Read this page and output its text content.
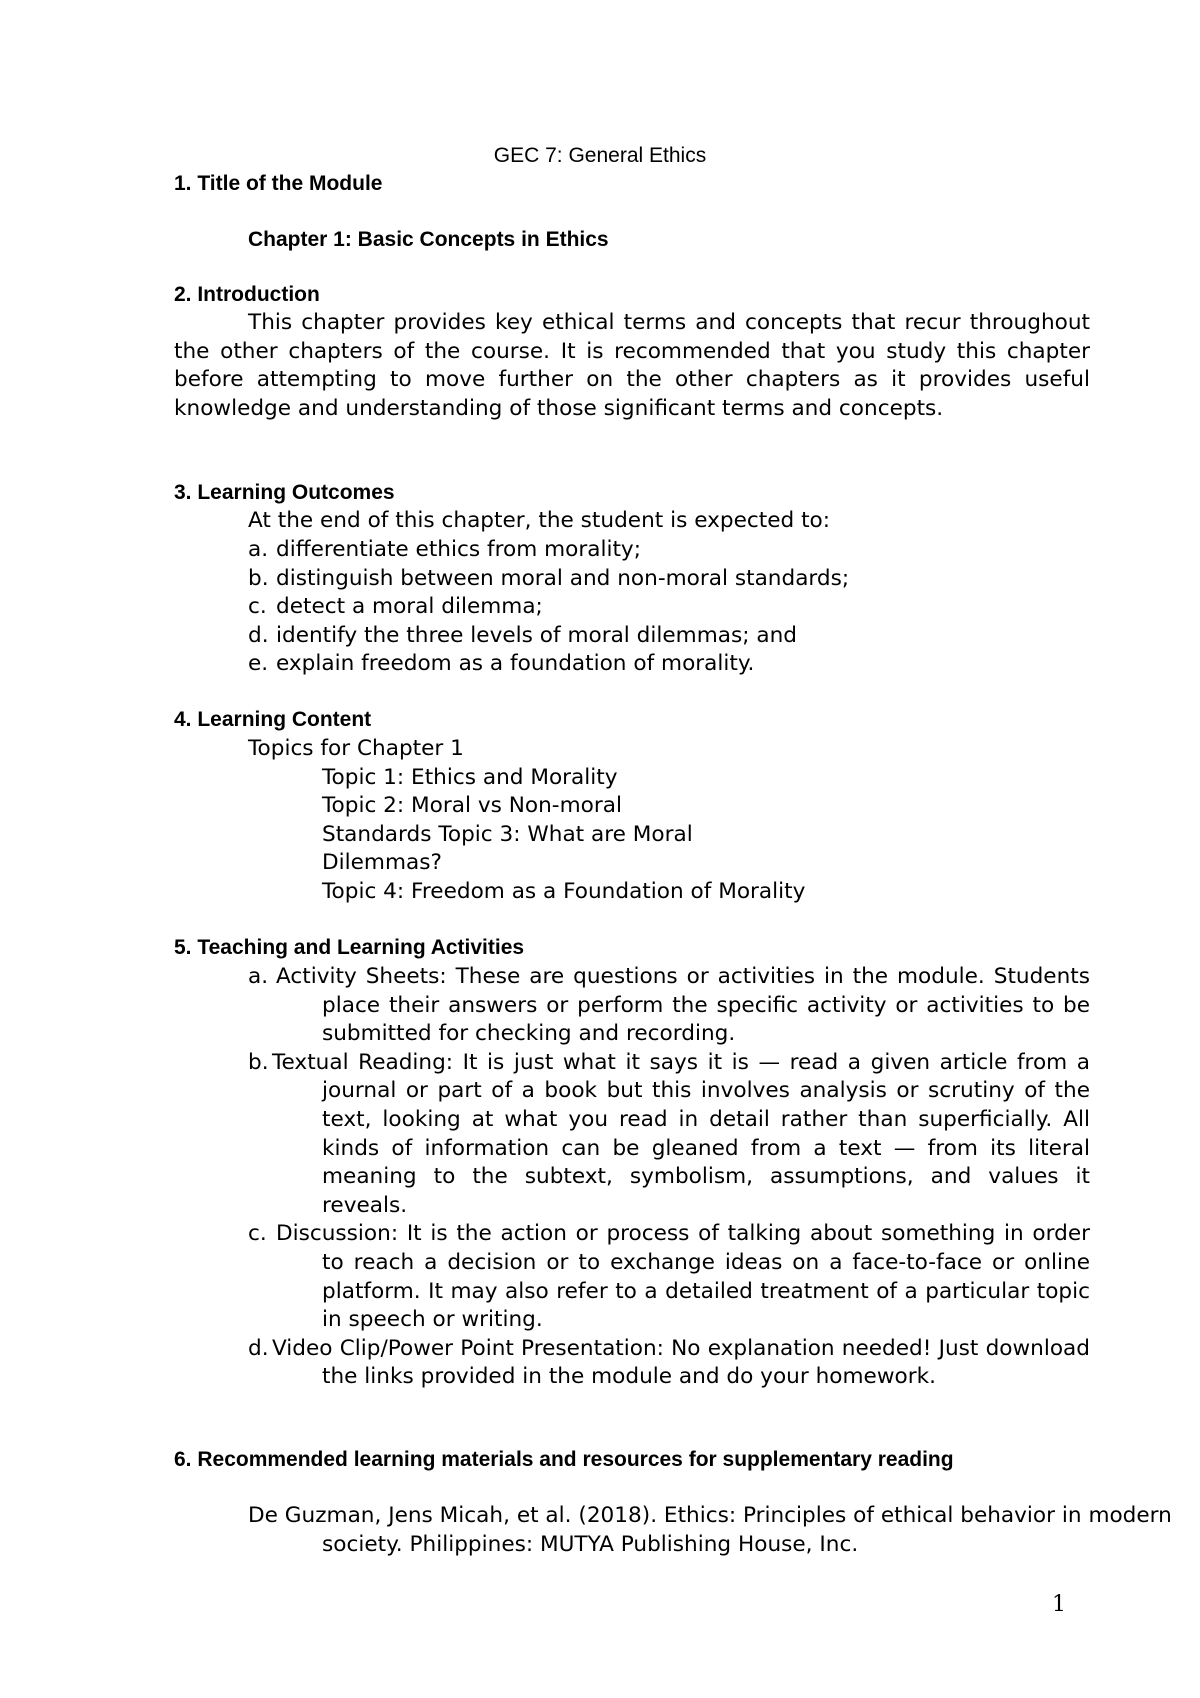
GEC 7: General Ethics
1. Title of the Module
Chapter 1: Basic Concepts in Ethics
2. Introduction
This chapter provides key ethical terms and concepts that recur throughout the other chapters of the course. It is recommended that you study this chapter before attempting to move further on the other chapters as it provides useful knowledge and understanding of those significant terms and concepts.
3. Learning Outcomes
At the end of this chapter, the student is expected to:
a. differentiate ethics from morality;
b. distinguish between moral and non-moral standards;
c. detect a moral dilemma;
d. identify the three levels of moral dilemmas; and
e. explain freedom as a foundation of morality.
4. Learning Content
Topics for Chapter 1
Topic 1: Ethics and Morality
Topic 2: Moral vs Non-moral
Standards Topic 3: What are Moral
Dilemmas?
Topic 4: Freedom as a Foundation of Morality
5. Teaching and Learning Activities
a. Activity Sheets: These are questions or activities in the module. Students place their answers or perform the specific activity or activities to be submitted for checking and recording.
b. Textual Reading: It is just what it says it is — read a given article from a journal or part of a book but this involves analysis or scrutiny of the text, looking at what you read in detail rather than superficially. All kinds of information can be gleaned from a text — from its literal meaning to the subtext, symbolism, assumptions, and values it reveals.
c. Discussion: It is the action or process of talking about something in order to reach a decision or to exchange ideas on a face-to-face or online platform. It may also refer to a detailed treatment of a particular topic in speech or writing.
d. Video Clip/Power Point Presentation: No explanation needed! Just download the links provided in the module and do your homework.
6. Recommended learning materials and resources for supplementary reading
De Guzman, Jens Micah, et al. (2018). Ethics: Principles of ethical behavior in modern society. Philippines: MUTYA Publishing House, Inc.
1
